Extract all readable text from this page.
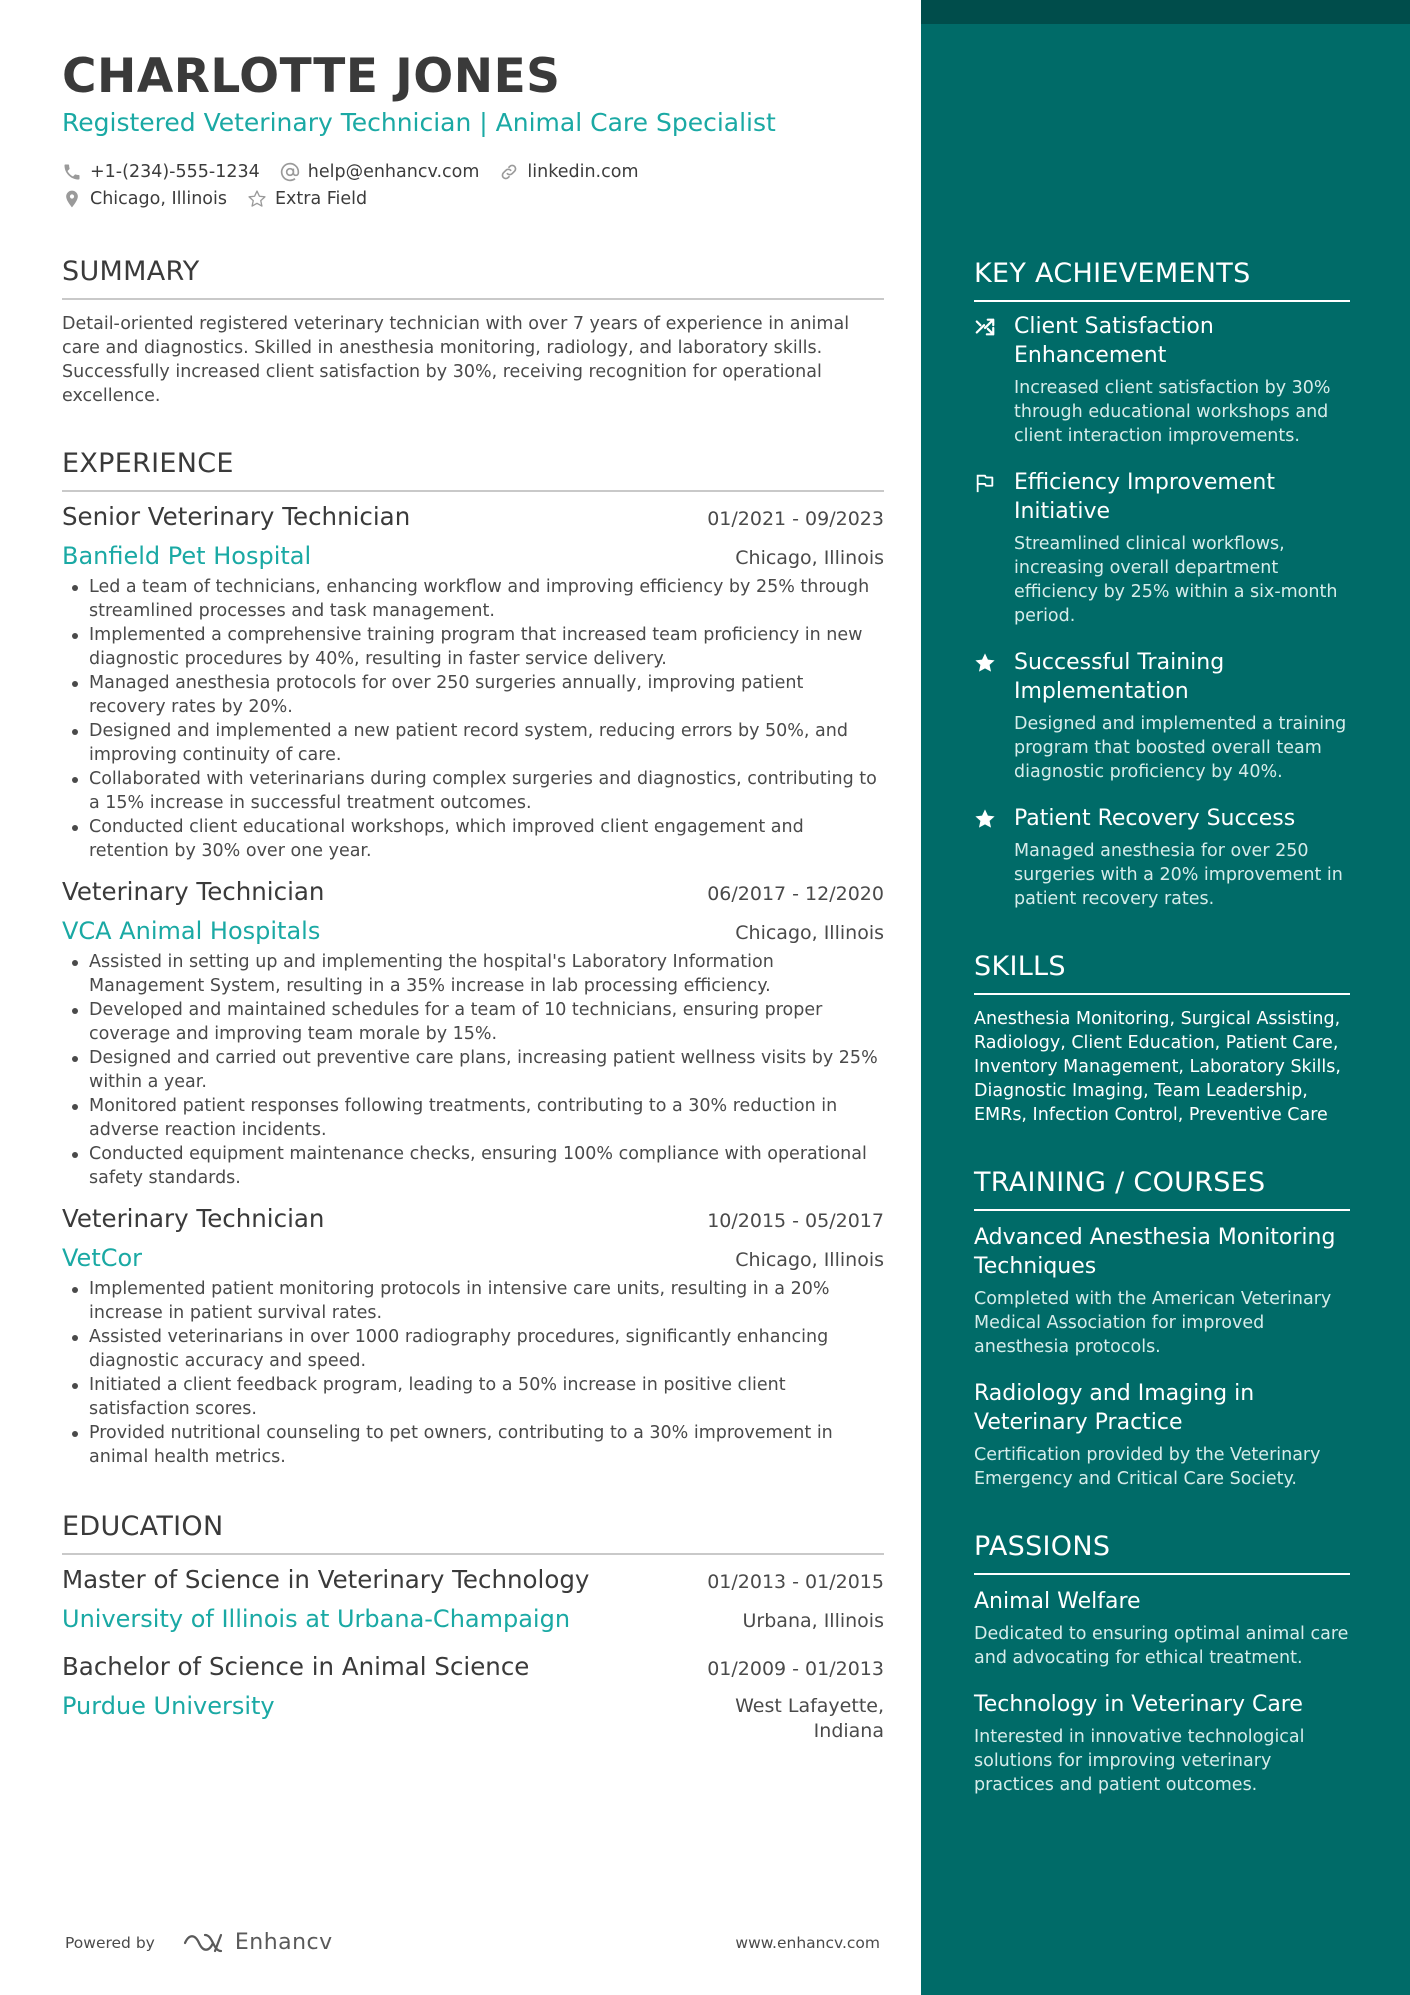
CHARLOTTE JONES
Registered Veterinary Technician | Animal Care Specialist
+1-(234)-555-1234	help@enhancv.com	linkedin.com
Chicago, Illinois	Extra Field
SUMMARY
Detail-oriented registered veterinary technician with over 7 years of experience in animal care and diagnostics. Skilled in anesthesia monitoring, radiology, and laboratory skills. Successfully increased client satisfaction by 30%, receiving recognition for operational excellence.
EXPERIENCE
Senior Veterinary Technician	01/2021 - 09/2023
Banfield Pet Hospital	Chicago, Illinois
Led a team of technicians, enhancing workflow and improving efficiency by 25% through streamlined processes and task management.
Implemented a comprehensive training program that increased team proficiency in new diagnostic procedures by 40%, resulting in faster service delivery.
Managed anesthesia protocols for over 250 surgeries annually, improving patient recovery rates by 20%.
Designed and implemented a new patient record system, reducing errors by 50%, and improving continuity of care.
Collaborated with veterinarians during complex surgeries and diagnostics, contributing to a 15% increase in successful treatment outcomes.
Conducted client educational workshops, which improved client engagement and retention by 30% over one year.
Veterinary Technician	06/2017 - 12/2020
VCA Animal Hospitals	Chicago, Illinois
Assisted in setting up and implementing the hospital's Laboratory Information Management System, resulting in a 35% increase in lab processing efficiency.
Developed and maintained schedules for a team of 10 technicians, ensuring proper coverage and improving team morale by 15%.
Designed and carried out preventive care plans, increasing patient wellness visits by 25% within a year.
Monitored patient responses following treatments, contributing to a 30% reduction in adverse reaction incidents.
Conducted equipment maintenance checks, ensuring 100% compliance with operational safety standards.
Veterinary Technician	10/2015 - 05/2017
VetCor	Chicago, Illinois
Implemented patient monitoring protocols in intensive care units, resulting in a 20% increase in patient survival rates.
Assisted veterinarians in over 1000 radiography procedures, significantly enhancing diagnostic accuracy and speed.
Initiated a client feedback program, leading to a 50% increase in positive client satisfaction scores.
Provided nutritional counseling to pet owners, contributing to a 30% improvement in animal health metrics.
EDUCATION
Master of Science in Veterinary Technology	01/2013 - 01/2015
University of Illinois at Urbana-Champaign	Urbana, Illinois
Bachelor of Science in Animal Science	01/2009 - 01/2013
Purdue University	West Lafayette,
Indiana
Powered by	Enhancv	www.enhancv.com
KEY ACHIEVEMENTS
Client Satisfaction Enhancement
Increased client satisfaction by 30% through educational workshops and client interaction improvements.
Efficiency Improvement Initiative
Streamlined clinical workflows, increasing overall department efficiency by 25% within a six-month period.
Successful Training Implementation
Designed and implemented a training program that boosted overall team diagnostic proficiency by 40%.
Patient Recovery Success
Managed anesthesia for over 250 surgeries with a 20% improvement in patient recovery rates.
SKILLS
Anesthesia Monitoring, Surgical Assisting, Radiology, Client Education, Patient Care, Inventory Management, Laboratory Skills, Diagnostic Imaging, Team Leadership, EMRs, Infection Control, Preventive Care
TRAINING / COURSES
Advanced Anesthesia Monitoring Techniques
Completed with the American Veterinary Medical Association for improved anesthesia protocols.
Radiology and Imaging in Veterinary Practice
Certification provided by the Veterinary Emergency and Critical Care Society.
PASSIONS
Animal Welfare
Dedicated to ensuring optimal animal care and advocating for ethical treatment.
Technology in Veterinary Care
Interested in innovative technological solutions for improving veterinary practices and patient outcomes.
